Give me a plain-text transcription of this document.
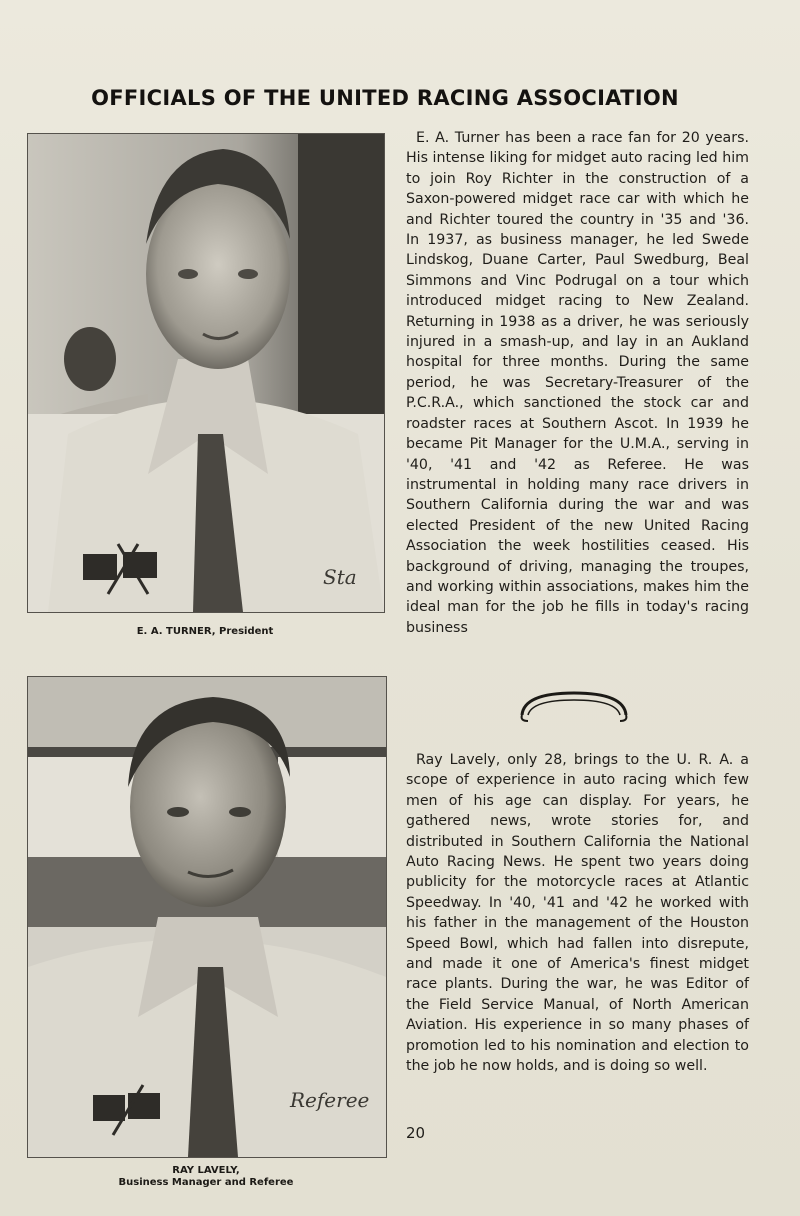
OFFICIALS OF THE UNITED RACING ASSOCIATION
Sta
E. A. TURNER, President
Referee
RAY LAVELY,
Business Manager and Referee

E. A. Turner has been a race fan for 20 years. His intense liking for midget auto racing led him to join Roy Richter in the construction of a Saxon-powered midget race car with which he and Richter toured the country in '35 and '36. In 1937, as business manager, he led Swede Lindskog, Duane Carter, Paul Swedburg, Beal Simmons and Vinc Podrugal on a tour which introduced midget racing to New Zealand. Returning in 1938 as a driver, he was seriously injured in a smash-up, and lay in an Aukland hospital for three months. During the same period, he was Secretary-Treasurer of the P.C.R.A., which sanctioned the stock car and roadster races at Southern Ascot. In 1939 he became Pit Manager for the U.M.A., serving in '40, '41 and '42 as Referee. He was instrumental in holding many race drivers in Southern California during the war and was elected President of the new United Racing Association the week hostilities ceased. His background of driving, managing the troupes, and working within associations, makes him the ideal man for the job he fills in today's racing business

Ray Lavely, only 28, brings to the U. R. A. a scope of experience in auto racing which few men of his age can display. For years, he gathered news, wrote stories for, and distributed in Southern California the National Auto Racing News. He spent two years doing publicity for the motorcycle races at Atlantic Speedway. In '40, '41 and '42 he worked with his father in the management of the Houston Speed Bowl, which had fallen into disrepute, and made it one of America's finest midget race plants. During the war, he was Editor of the Field Service Manual, of North American Aviation. His experience in so many phases of promotion led to his nomination and election to the job he now holds, and is doing so well.

20
